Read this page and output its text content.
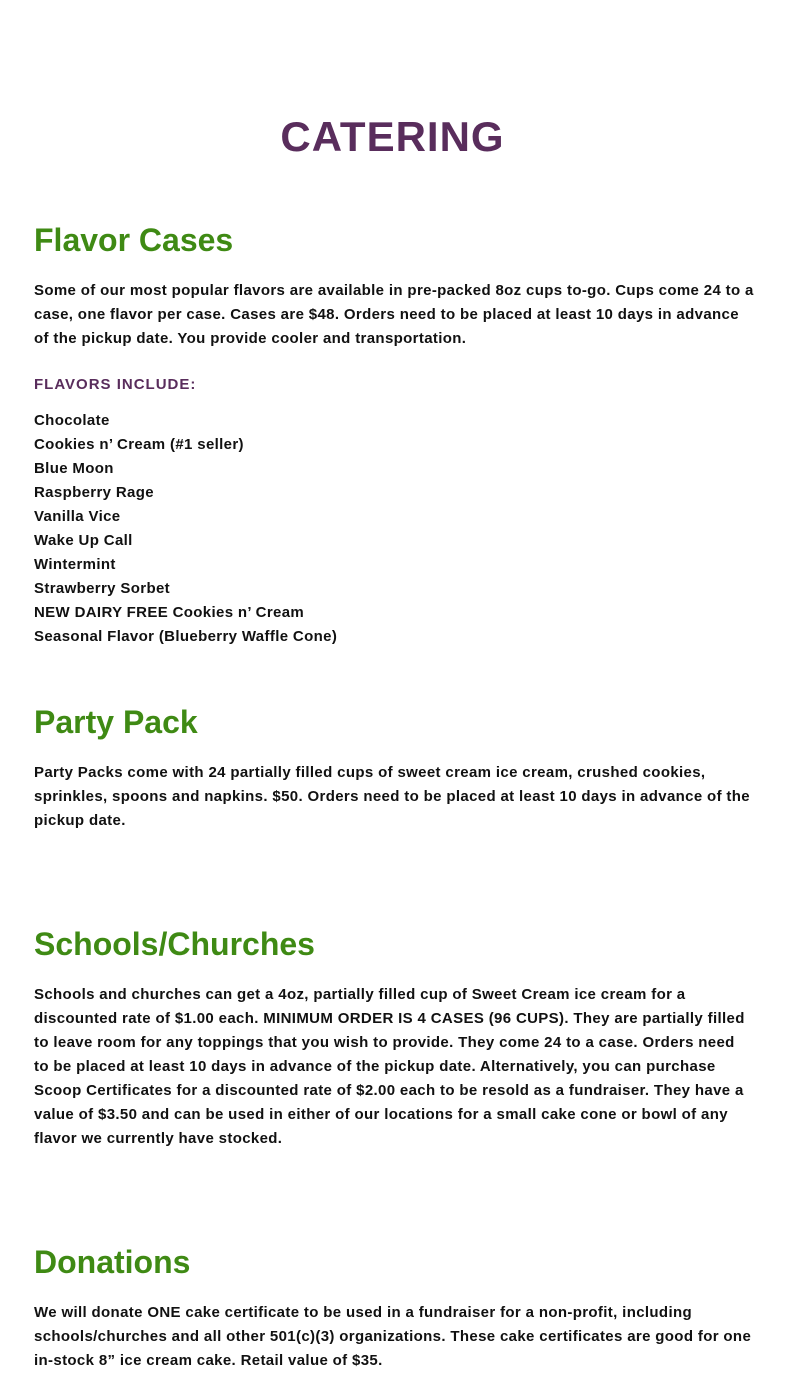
CATERING
Flavor Cases

Some of our most popular flavors are available in pre-packed 8oz cups to-go. Cups come 24 to a case, one flavor per case. Cases are $48. Orders need to be placed at least 10 days in advance of the pickup date. You provide cooler and transportation.

FLAVORS INCLUDE:
Chocolate
Cookies n’ Cream (#1 seller)
Blue Moon
Raspberry Rage
Vanilla Vice
Wake Up Call
Wintermint
Strawberry Sorbet
NEW DAIRY FREE Cookies n’ Cream
Seasonal Flavor (Blueberry Waffle Cone)
Party Pack

Party Packs come with 24 partially filled cups of sweet cream ice cream, crushed cookies, sprinkles, spoons and napkins. $50. Orders need to be placed at least 10 days in advance of the pickup date.

Schools/Churches

Schools and churches can get a 4oz, partially filled cup of Sweet Cream ice cream for a discounted rate of $1.00 each. MINIMUM ORDER IS 4 CASES (96 CUPS). They are partially filled to leave room for any toppings that you wish to provide. They come 24 to a case. Orders need to be placed at least 10 days in advance of the pickup date. Alternatively, you can purchase Scoop Certificates for a discounted rate of $2.00 each to be resold as a fundraiser. They have a value of $3.50 and can be used in either of our locations for a small cake cone or bowl of any flavor we currently have stocked.

Donations

We will donate ONE cake certificate to be used in a fundraiser for a non-profit, including schools/churches and all other 501(c)(3) organizations. These cake certificates are good for one in-stock 8” ice cream cake. Retail value of $35.
